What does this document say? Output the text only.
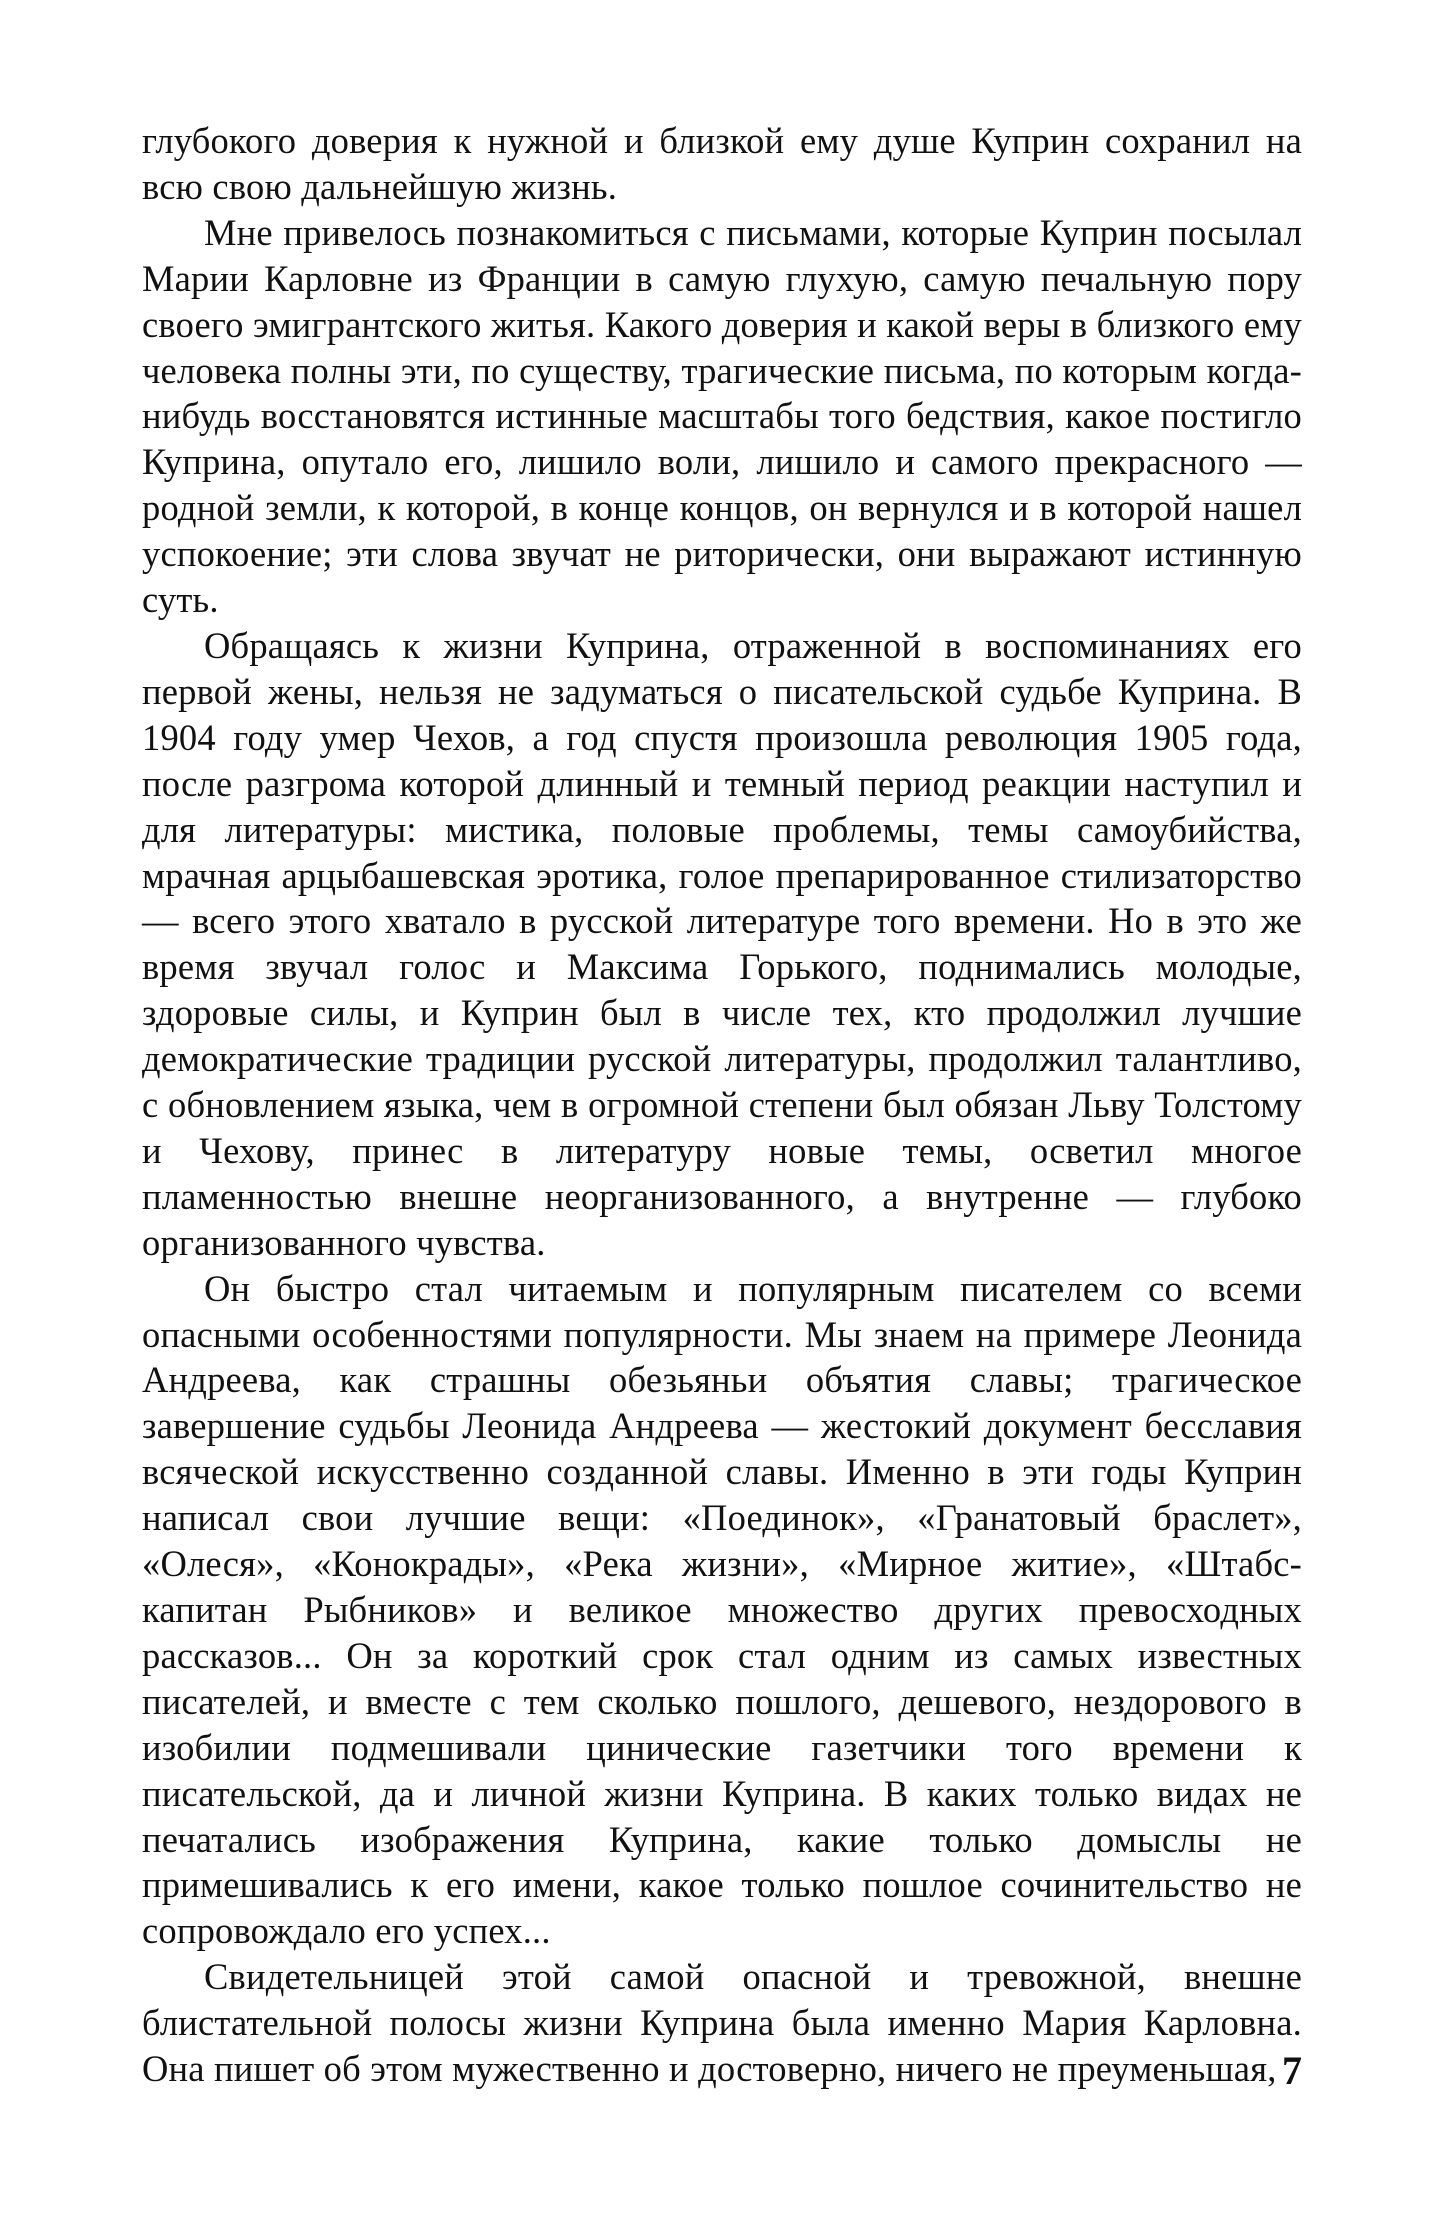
глубокого доверия к нужной и близкой ему душе Куприн сохранил на всю свою дальнейшую жизнь.

Мне привелось познакомиться с письмами, которые Куприн посылал Марии Карловне из Франции в самую глухую, самую печальную пору своего эмигрантского житья. Какого доверия и какой веры в близкого ему человека полны эти, по существу, трагические письма, по которым когда-нибудь восстановятся истинные масштабы того бедствия, какое постигло Куприна, опутало его, лишило воли, лишило и самого прекрасного — родной земли, к которой, в конце концов, он вернулся и в которой нашел успокоение; эти слова звучат не риторически, они выражают истинную суть.

Обращаясь к жизни Куприна, отраженной в воспоминаниях его первой жены, нельзя не задуматься о писательской судьбе Куприна. В 1904 году умер Чехов, а год спустя произошла революция 1905 года, после разгрома которой длинный и темный период реакции наступил и для литературы: мистика, половые проблемы, темы самоубийства, мрачная арцыбашевская эротика, голое препарированное стилизаторство — всего этого хватало в русской литературе того времени. Но в это же время звучал голос и Максима Горького, поднимались молодые, здоровые силы, и Куприн был в числе тех, кто продолжил лучшие демократические традиции русской литературы, продолжил талантливо, с обновлением языка, чем в огромной степени был обязан Льву Толстому и Чехову, принес в литературу новые темы, осветил многое пламенностью внешне неорганизованного, а внутренне — глубоко организованного чувства.

Он быстро стал читаемым и популярным писателем со всеми опасными особенностями популярности. Мы знаем на примере Леонида Андреева, как страшны обезьяньи объятия славы; трагическое завершение судьбы Леонида Андреева — жестокий документ бесславия всяческой искусственно созданной славы. Именно в эти годы Куприн написал свои лучшие вещи: «Поединок», «Гранатовый браслет», «Олеся», «Конокрады», «Река жизни», «Мирное житие», «Штабс-капитан Рыбников» и великое множество других превосходных рассказов... Он за короткий срок стал одним из самых известных писателей, и вместе с тем сколько пошлого, дешевого, нездорового в изобилии подмешивали цинические газетчики того времени к писательской, да и личной жизни Куприна. В каких только видах не печатались изображения Куприна, какие только домыслы не примешивались к его имени, какое только пошлое сочинительство не сопровождало его успех...

Свидетельницей этой самой опасной и тревожной, внешне блистательной полосы жизни Куприна была именно Мария Карловна. Она пишет об этом мужественно и достоверно, ничего не преуменьшая, 7
